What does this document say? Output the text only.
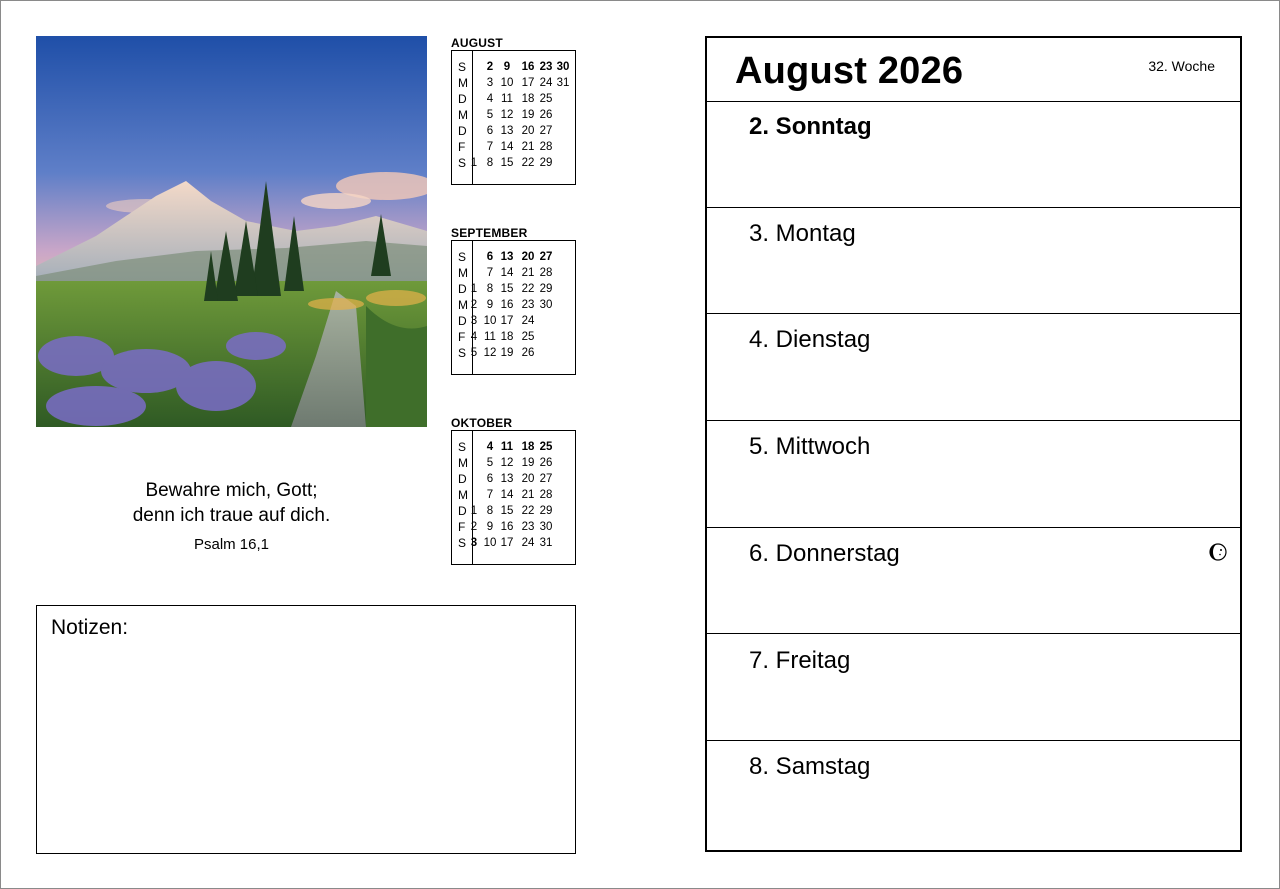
AUGUST
S
M
D
M
D
F
S
2 9 16 23 30
3 10 17 24 31
4 11 18 25
5 12 19 26
6 13 20 27
7 14 21 28
1 8 15 22 29
SEPTEMBER
S
M
D
M
D
F
S
6 13 20 27
7 14 21 28
1 8 15 22 29
2 9 16 23 30
3 10 17 24
4 11 18 25
5 12 19 26
OKTOBER
S
M
D
M
D
F
S
4 11 18 25
5 12 19 26
6 13 20 27
7 14 21 28
1 8 15 22 29
2 9 16 23 30
3 10 17 24 31
Bewahre mich, Gott;
denn ich traue auf dich.
Psalm 16,1
Notizen:
August 2026	32. Woche
2. Sonntag
3. Montag
4. Dienstag
5. Mittwoch
6. Donnerstag
7. Freitag
8. Samstag
